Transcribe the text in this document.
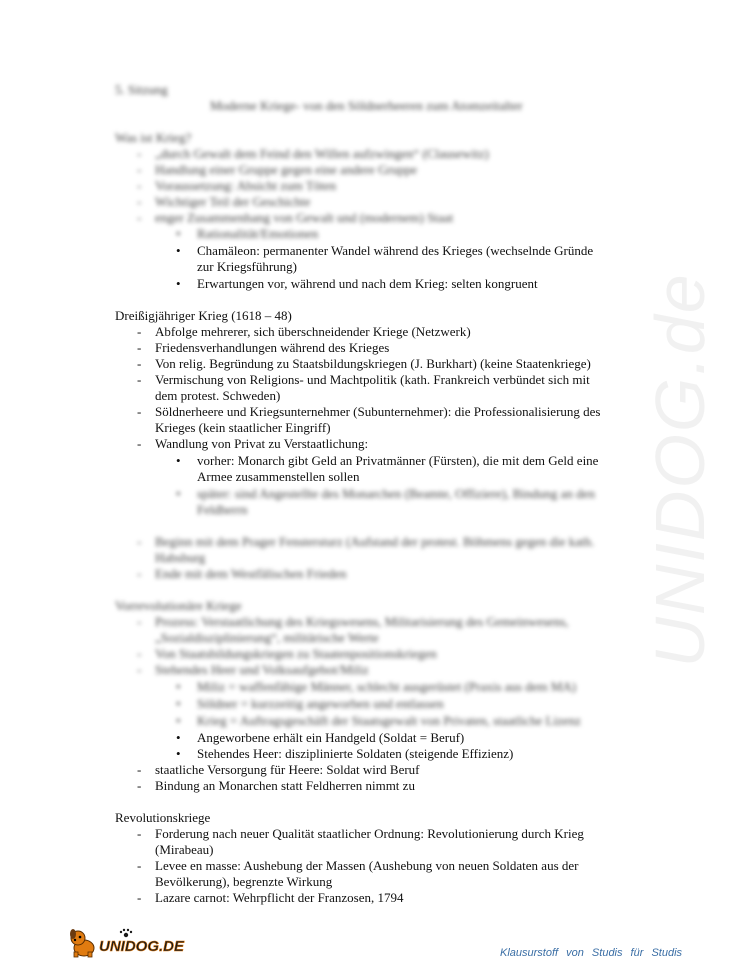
UNIDOG.de
5. Sitzung
Moderne Kriege- von den Söldnerheeren zum Atomzeitalter
Was ist Krieg?
- „durch Gewalt dem Feind den Willen aufzwingen“ (Clausewitz)
- Handlung einer Gruppe gegen eine andere Gruppe
- Voraussetzung: Absicht zum Töten
- Wichtiger Teil der Geschichte
- enger Zusammenhang von Gewalt und (modernem) Staat
• Rationalität/Emotionen
• Chamäleon: permanenter Wandel während des Krieges (wechselnde Gründe
zur Kriegsführung)
• Erwartungen vor, während und nach dem Krieg: selten kongruent
Dreißigjähriger Krieg (1618 – 48)
- Abfolge mehrerer, sich überschneidender Kriege (Netzwerk)
- Friedensverhandlungen während des Krieges
- Von relig. Begründung zu Staatsbildungskriegen (J. Burkhart) (keine Staatenkriege)
- Vermischung von Religions- und Machtpolitik (kath. Frankreich verbündet sich mit
dem protest. Schweden)
- Söldnerheere und Kriegsunternehmer (Subunternehmer): die Professionalisierung des
Krieges (kein staatlicher Eingriff)
- Wandlung von Privat zu Verstaatlichung:
• vorher: Monarch gibt Geld an Privatmänner (Fürsten), die mit dem Geld eine
Armee zusammenstellen sollen
• später: sind Angestellte des Monarchen (Beamte, Offiziere), Bindung an den
Feldherrn
- Beginn mit dem Prager Fenstersturz (Aufstand der protest. Böhmens gegen die kath.
Habsburg
- Ende mit dem Westfälischen Frieden
Vorrevolutionäre Kriege
- Prozess: Verstaatlichung des Kriegswesens, Militarisierung des Gemeinwesens,
„Sozialdisziplinierung“, militärische Werte
- Von Staatsbildungskriegen zu Staatenpositionskriegen
- Stehendes Heer und Volksaufgebot/Miliz
• Miliz = waffenfähige Männer, schlecht ausgerüstet (Praxis aus dem MA)
• Söldner = kurzzeitig angeworben und entlassen
• Krieg = Auftragsgeschäft der Staatsgewalt von Privaten, staatliche Lizenz
• Angeworbene erhält ein Handgeld (Soldat = Beruf)
• Stehendes Heer: disziplinierte Soldaten (steigende Effizienz)
- staatliche Versorgung für Heere: Soldat wird Beruf
- Bindung an Monarchen statt Feldherren nimmt zu
Revolutionskriege
- Forderung nach neuer Qualität staatlicher Ordnung: Revolutionierung durch Krieg
(Mirabeau)
- Levee en masse: Aushebung der Massen (Aushebung von neuen Soldaten aus der
Bevölkerung), begrenzte Wirkung
- Lazare carnot: Wehrpflicht der Franzosen, 1794
UNIDOG.DE	Klausurstoff von Studis für Studis
